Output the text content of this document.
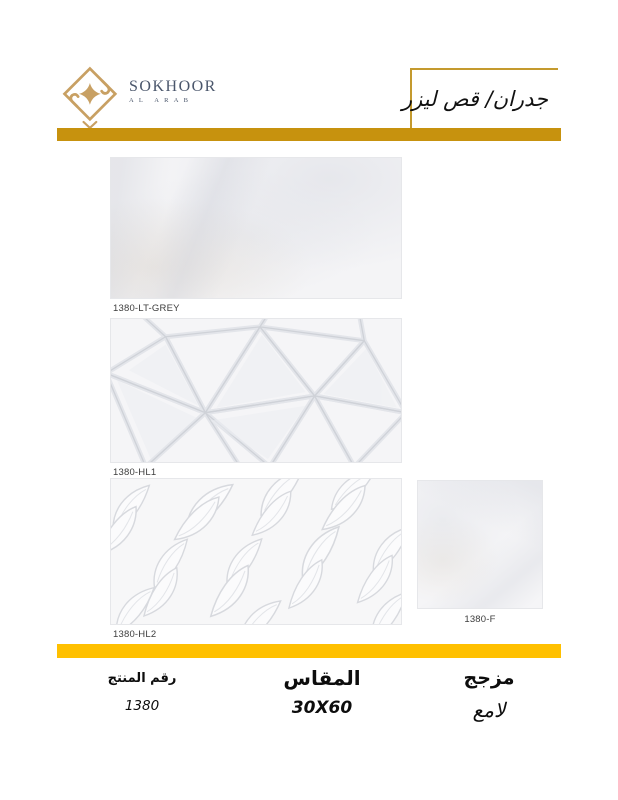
SOKHOOR
AL ARAB	جدران/ قص ليزر
1380-LT-GREY
1380-HL1
1380-HL2
1380-F
رقم المنتج
1380
المقاس
30X60
مزجج
لامع
